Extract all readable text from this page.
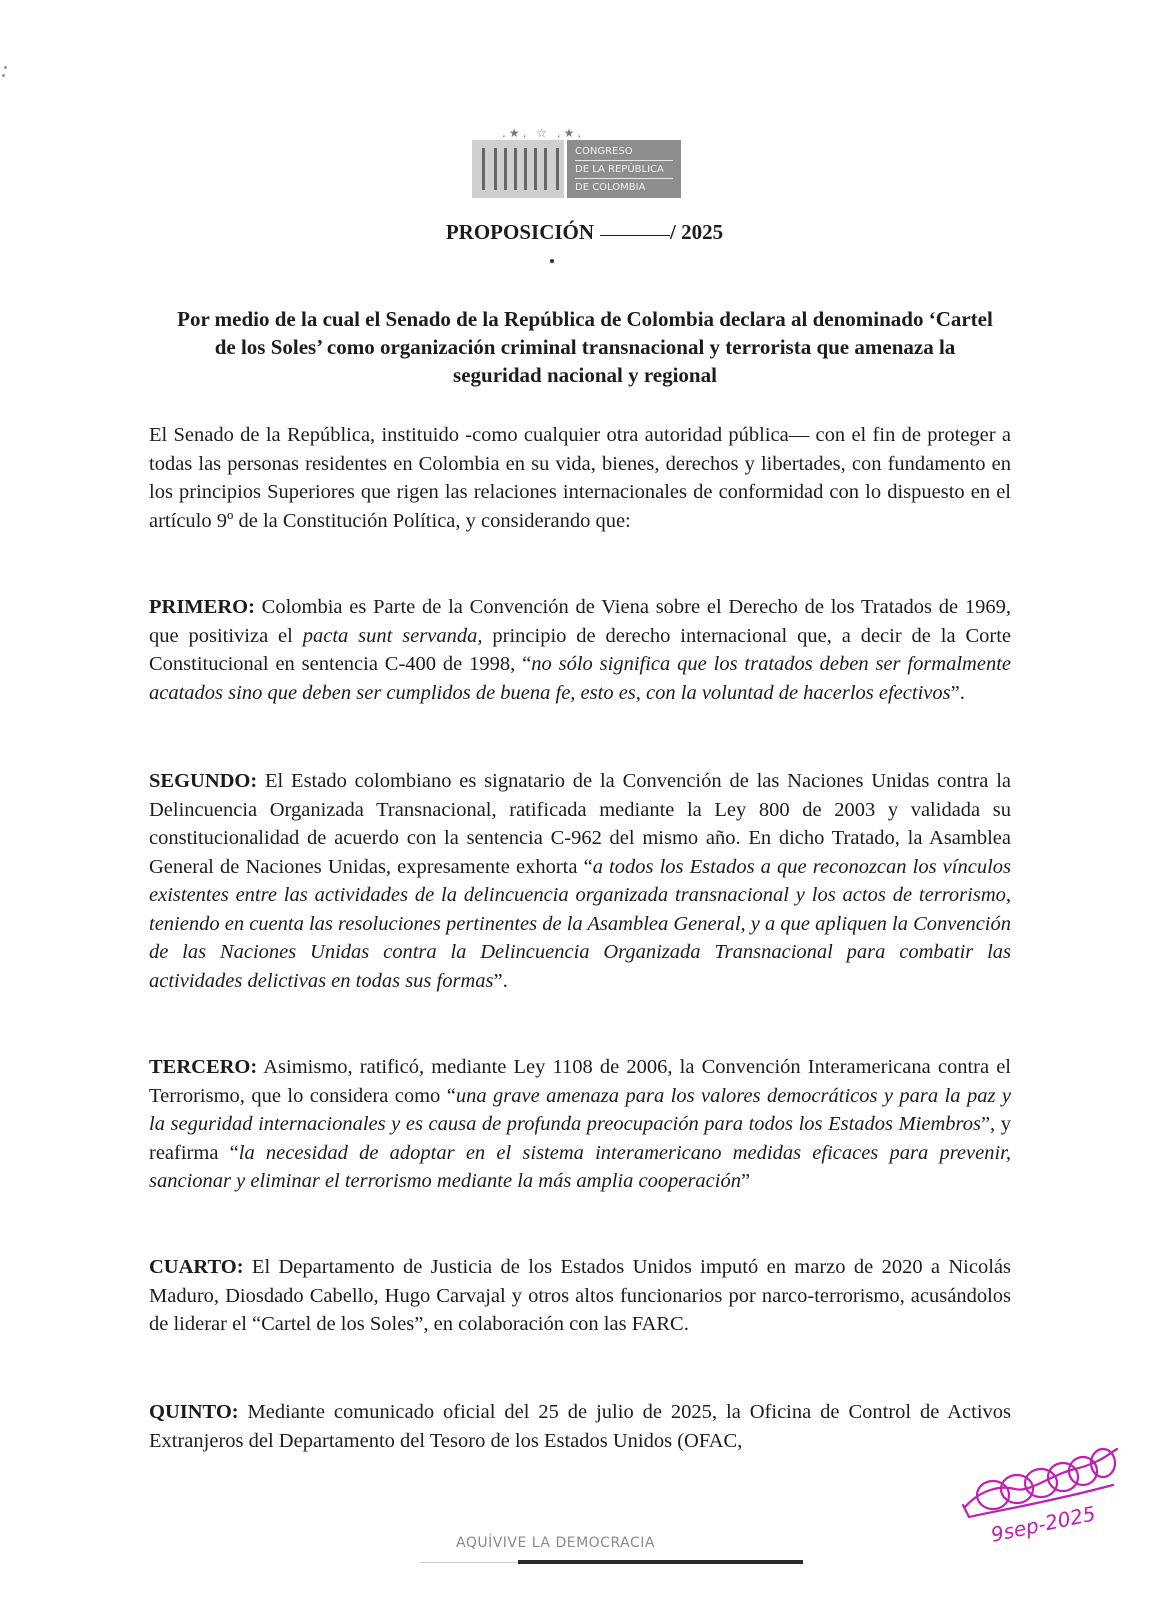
.★. ☆ .★.
CONGRESO
DE LA REPÚBLICA
DE COLOMBIA
PROPOSICIÓN	/ 2025
Por medio de la cual el Senado de la República de Colombia declara al denominado ‘Cartel de los Soles’ como organización criminal transnacional y terrorista que amenaza la seguridad nacional y regional
El Senado de la República, instituido -como cualquier otra autoridad pública— con el fin de proteger a todas las personas residentes en Colombia en su vida, bienes, derechos y libertades, con fundamento en los principios Superiores que rigen las relaciones internacionales de conformidad con lo dispuesto en el artículo 9º de la Constitución Política, y considerando que:
PRIMERO: Colombia es Parte de la Convención de Viena sobre el Derecho de los Tratados de 1969, que positiviza el pacta sunt servanda, principio de derecho internacional que, a decir de la Corte Constitucional en sentencia C-400 de 1998, “no sólo significa que los tratados deben ser formalmente acatados sino que deben ser cumplidos de buena fe, esto es, con la voluntad de hacerlos efectivos”.
SEGUNDO: El Estado colombiano es signatario de la Convención de las Naciones Unidas contra la Delincuencia Organizada Transnacional, ratificada mediante la Ley 800 de 2003 y validada su constitucionalidad de acuerdo con la sentencia C-962 del mismo año. En dicho Tratado, la Asamblea General de Naciones Unidas, expresamente exhorta “a todos los Estados a que reconozcan los vínculos existentes entre las actividades de la delincuencia organizada transnacional y los actos de terrorismo, teniendo en cuenta las resoluciones pertinentes de la Asamblea General, y a que apliquen la Convención de las Naciones Unidas contra la Delincuencia Organizada Transnacional para combatir las actividades delictivas en todas sus formas”.
TERCERO: Asimismo, ratificó, mediante Ley 1108 de 2006, la Convención Interamericana contra el Terrorismo, que lo considera como “una grave amenaza para los valores democráticos y para la paz y la seguridad internacionales y es causa de profunda preocupación para todos los Estados Miembros”, y reafirma “la necesidad de adoptar en el sistema interamericano medidas eficaces para prevenir, sancionar y eliminar el terrorismo mediante la más amplia cooperación”
CUARTO: El Departamento de Justicia de los Estados Unidos imputó en marzo de 2020 a Nicolás Maduro, Diosdado Cabello, Hugo Carvajal y otros altos funcionarios por narco-terrorismo, acusándolos de liderar el “Cartel de los Soles”, en colaboración con las FARC.
QUINTO: Mediante comunicado oficial del 25 de julio de 2025, la Oficina de Control de Activos Extranjeros del Departamento del Tesoro de los Estados Unidos (OFAC,
9sep-2025
AQUÍVIVE LA DEMOCRACIA
